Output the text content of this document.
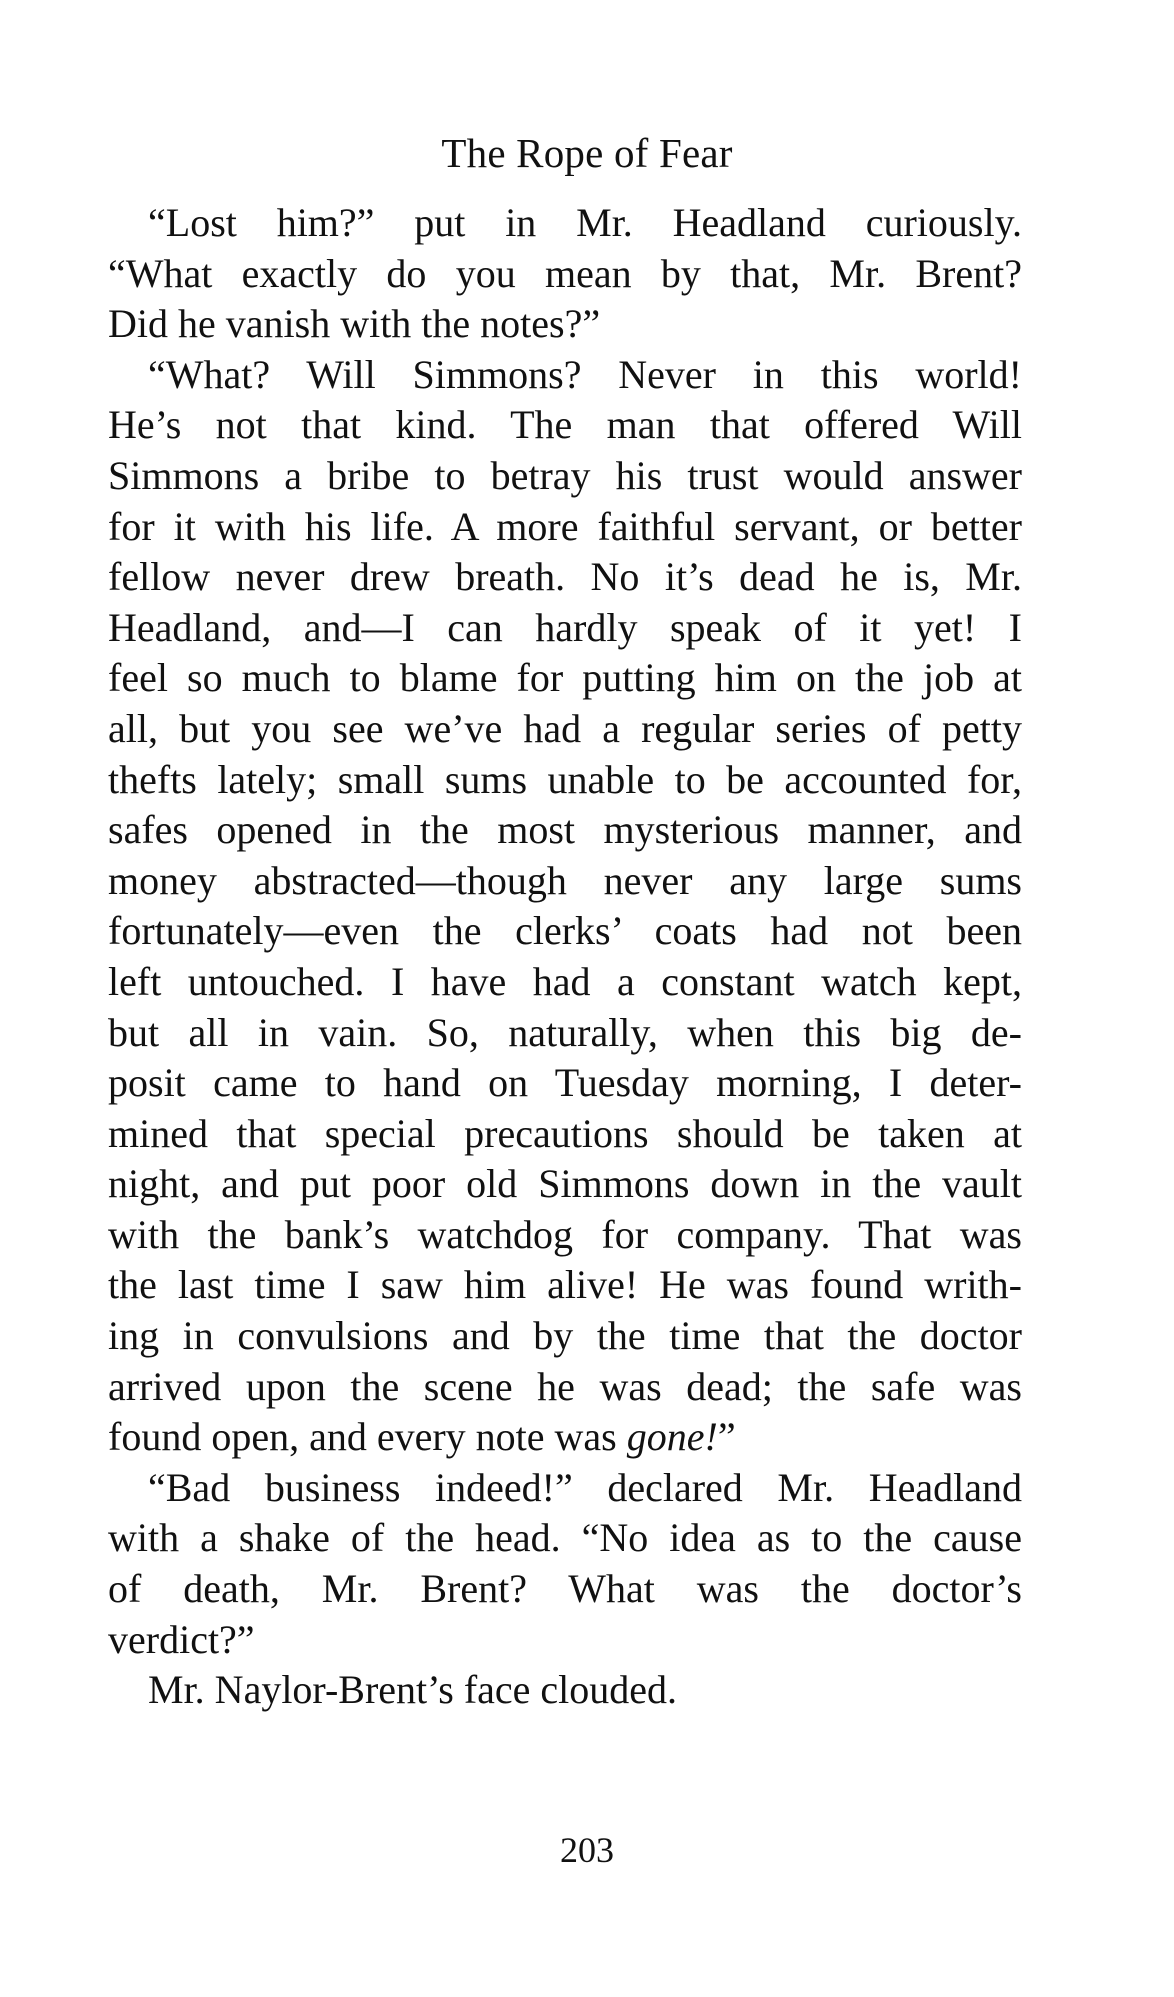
The Rope of Fear
“Lost him?” put in Mr. Headland curiously.
“What exactly do you mean by that, Mr. Brent?
Did he vanish with the notes?”
“What? Will Simmons? Never in this world!
He’s not that kind. The man that offered Will
Simmons a bribe to betray his trust would answer
for it with his life. A more faithful servant, or better
fellow never drew breath. No it’s dead he is, Mr.
Headland, and—I can hardly speak of it yet! I
feel so much to blame for putting him on the job at
all, but you see we’ve had a regular series of petty
thefts lately; small sums unable to be accounted for,
safes opened in the most mysterious manner, and
money abstracted—though never any large sums
fortunately—even the clerks’ coats had not been
left untouched. I have had a constant watch kept,
but all in vain. So, naturally, when this big de-
posit came to hand on Tuesday morning, I deter-
mined that special precautions should be taken at
night, and put poor old Simmons down in the vault
with the bank’s watchdog for company. That was
the last time I saw him alive! He was found writh-
ing in convulsions and by the time that the doctor
arrived upon the scene he was dead; the safe was
found open, and every note was gone!”
“Bad business indeed!” declared Mr. Headland
with a shake of the head. “No idea as to the cause
of death, Mr. Brent? What was the doctor’s
verdict?”
Mr. Naylor-Brent’s face clouded.
203
